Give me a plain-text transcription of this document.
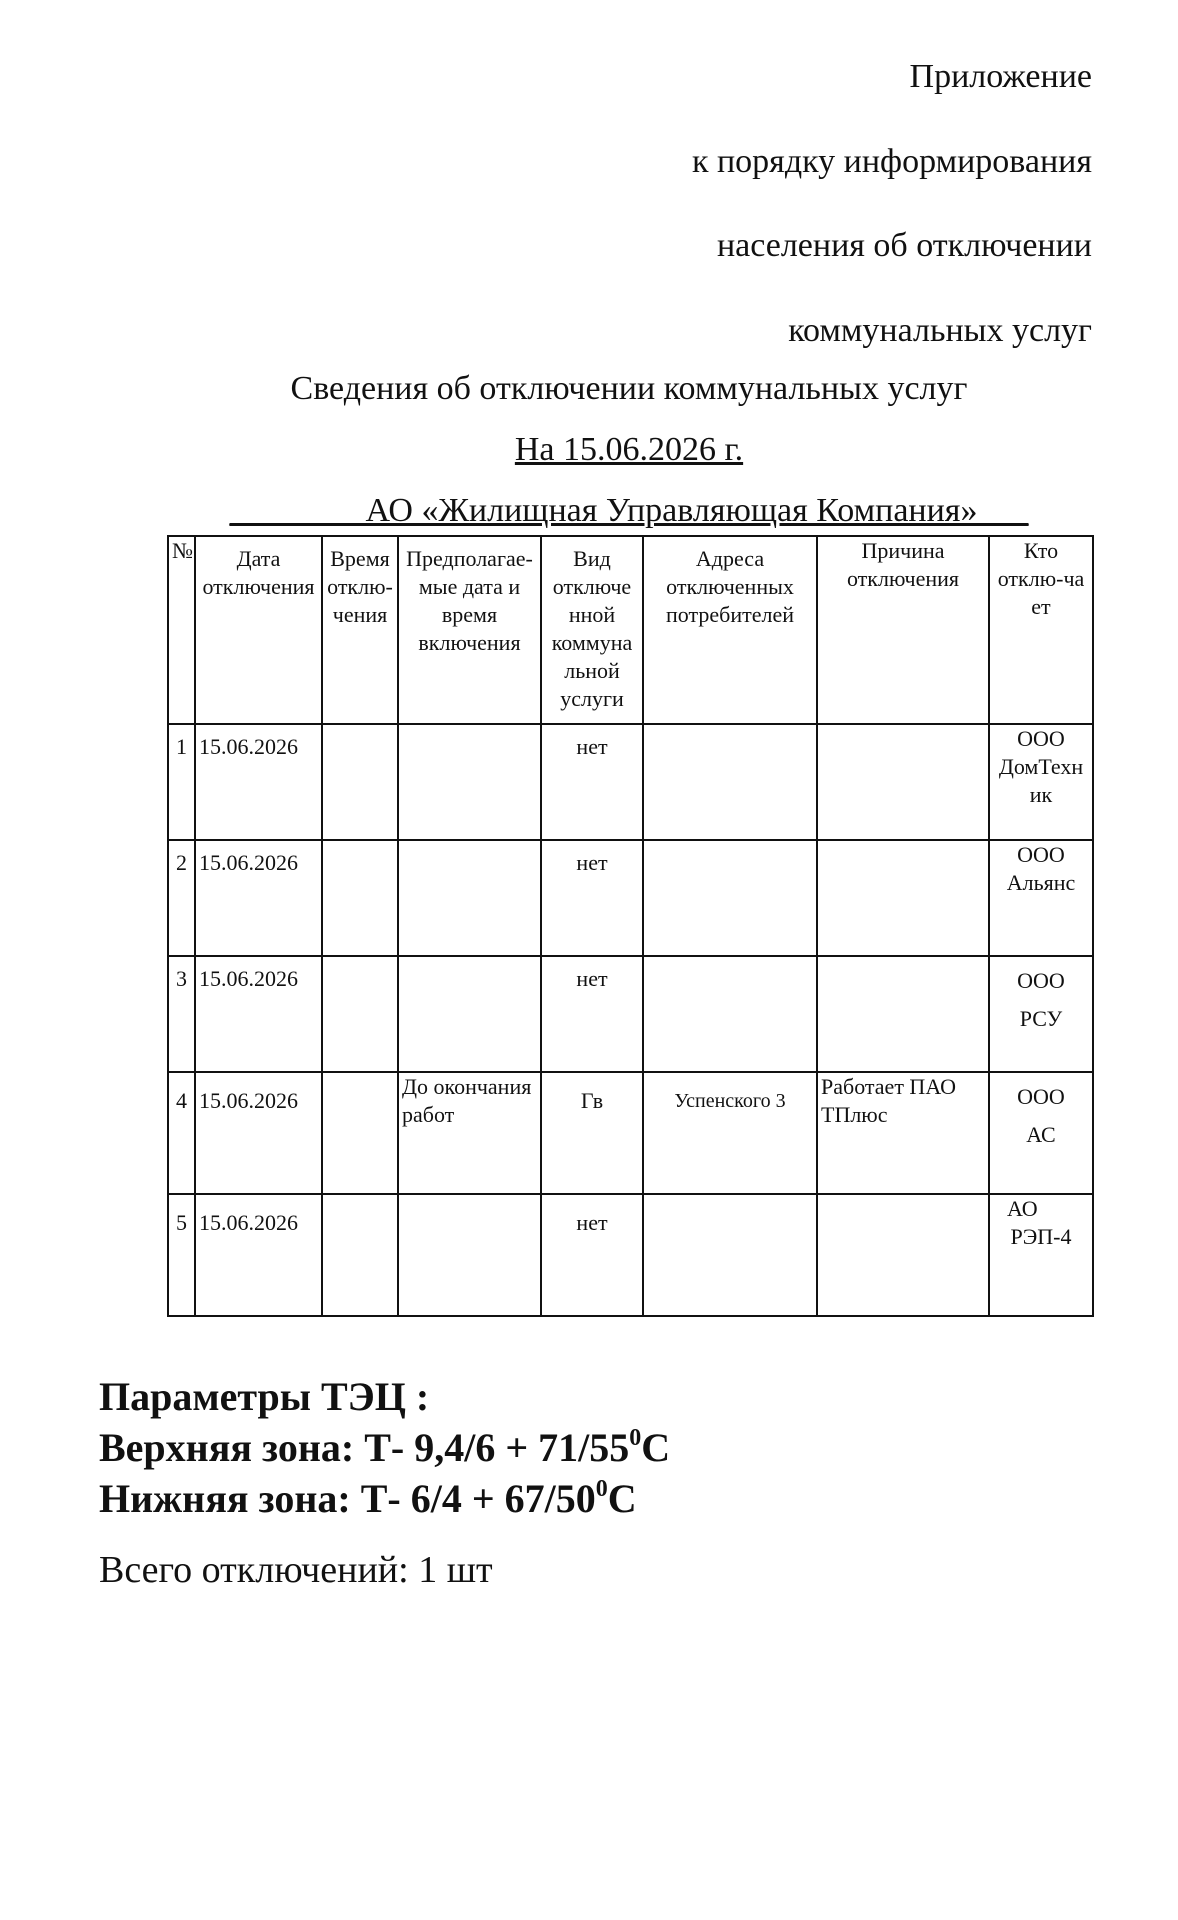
Приложение
к порядку информирования
населения об отключении
коммунальных услуг
Сведения об отключении коммунальных услуг
На 15.06.2026 г.
________АО «Жилищная Управляющая Компания»___
№	Дата отключения	Время отклю-чения	Предполагае-мые дата и время включения	Вид отключе нной коммуна льной услуги	Адреса отключенных потребителей	Причина отключения	Кто отклю-ча ет
1	15.06.2026			нет			ООО
ДомТехн ик

2	15.06.2026			нет			ООО
Альянс

3	15.06.2026			нет			ООО
РСУ

4	15.06.2026		До окончания работ	Гв	Успенского 3	Работает ПАО ТПлюс	ООО
АС

5	15.06.2026			нет			АО
РЭП-4
Параметры ТЭЦ :
Верхняя зона: Т- $9,4/6 + 71/55^0С$
Нижняя зона: Т- $6/4 + 67/50^0С$
Всего отключений: 1 шт
